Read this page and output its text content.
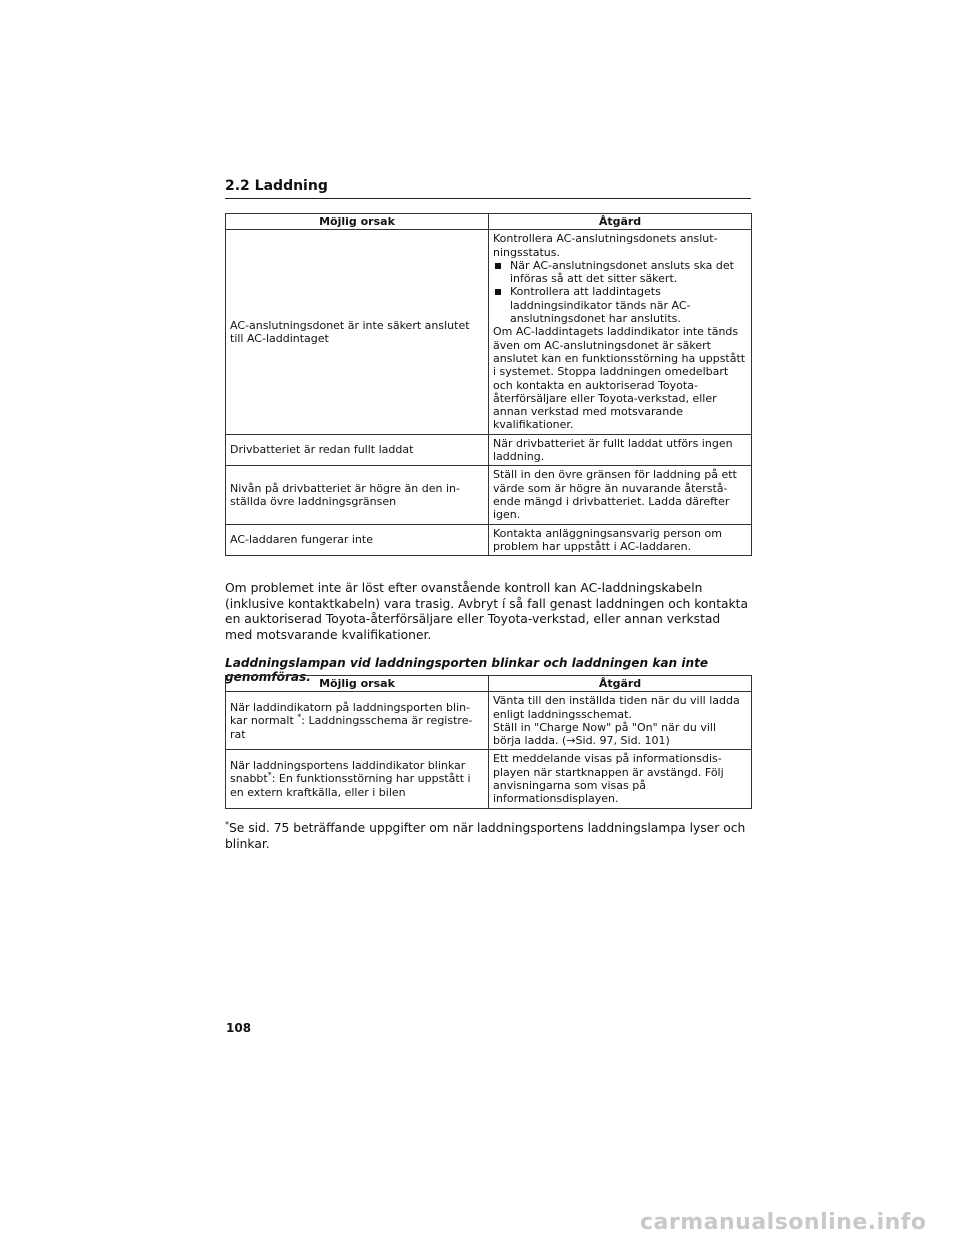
2.2 Laddning
Möjlig orsak	Åtgärd
AC-anslutningsdonet är inte säkert anslutet till AC-laddintaget	Kontrollera AC-anslutningsdonets anslut-ningsstatus.
När AC-anslutningsdonet ansluts ska det införas så att det sitter säkert.
Kontrollera att laddintagets laddningsindikator tänds när AC-anslutningsdonet har anslutits.
Om AC-laddintagets laddindikator inte tänds även om AC-anslutningsdonet är säkert anslutet kan en funktionsstörning ha uppstått i systemet. Stoppa laddningen omedelbart och kontakta en auktoriserad Toyota-återförsäljare eller Toyota-verkstad, eller annan verkstad med motsvarande kvalifikationer.

Drivbatteriet är redan fullt laddat	När drivbatteriet är fullt laddat utförs ingen laddning.
Nivån på drivbatteriet är högre än den in-ställda övre laddningsgränsen	Ställ in den övre gränsen för laddning på ett värde som är högre än nuvarande återstå-ende mängd i drivbatteriet. Ladda därefter igen.
AC-laddaren fungerar inte	Kontakta anläggningsansvarig person om problem har uppstått i AC-laddaren.
Om problemet inte är löst efter ovanstående kontroll kan AC-laddningskabeln (inklusive kontaktkabeln) vara trasig. Avbryt í så fall genast laddningen och kontakta en auktoriserad Toyota-återförsäljare eller Toyota-verkstad, eller annan verkstad med motsvarande kvalifikationer.
Laddningslampan vid laddningsporten blinkar och laddningen kan inte genomföras. Möjlig orsak	Åtgärd
När laddindikatorn på laddningsporten blin-kar normalt *: Laddningsschema är registre-rat	Vänta till den inställda tiden när du vill ladda enligt laddningsschemat.
Ställ in "Charge Now" på "On" när du vill börja ladda. (→Sid. 97, Sid. 101)

När laddningsportens laddindikator blinkar snabbt*: En funktionsstörning har uppstått i en extern kraftkälla, eller i bilen	Ett meddelande visas på informationsdis-playen när startknappen är avstängd. Följ anvisningarna som visas på informationsdisplayen.
*Se sid. 75 beträffande uppgifter om när laddningsportens laddningslampa lyser och blinkar.
108
carmanualsonline.info
